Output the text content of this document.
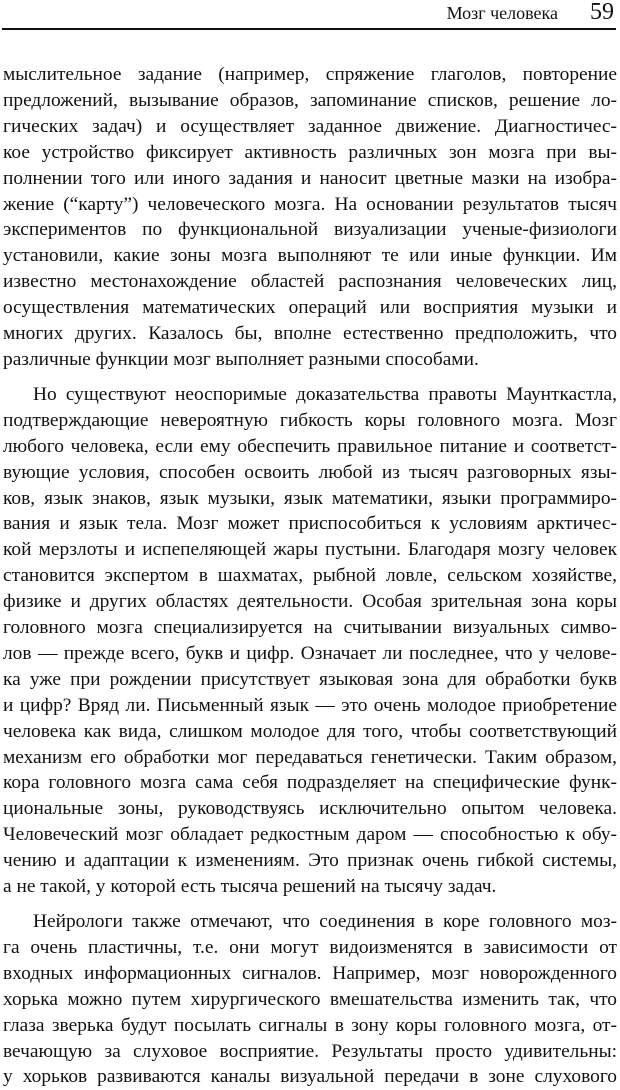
Мозг человека 59

мыслительное задание (например, спряжение глаголов, повторение
предложений, вызывание образов, запоминание списков, решение ло-
гических задач) и осуществляет заданное движение. Диагностичес-
кое устройство фиксирует активность различных зон мозга при вы-
полнении того или иного задания и наносит цветные мазки на изобра-
жение (“карту”) человеческого мозга. На основании результатов тысяч
экспериментов по функциональной визуализации ученые-физиологи
установили, какие зоны мозга выполняют те или иные функции. Им
известно местонахождение областей распознания человеческих лиц,
осуществления математических операций или восприятия музыки и
многих других. Казалось бы, вполне естественно предположить, что
различные функции мозг выполняет разными способами.

Но существуют неоспоримые доказательства правоты Маунткастла,
подтверждающие невероятную гибкость коры головного мозга. Мозг
любого человека, если ему обеспечить правильное питание и соответст-
вующие условия, способен освоить любой из тысяч разговорных язы-
ков, язык знаков, язык музыки, язык математики, языки программиро-
вания и язык тела. Мозг может приспособиться к условиям арктичес-
кой мерзлоты и испепеляющей жары пустыни. Благодаря мозгу человек
становится экспертом в шахматах, рыбной ловле, сельском хозяйстве,
физике и других областях деятельности. Особая зрительная зона коры
головного мозга специализируется на считывании визуальных симво-
лов — прежде всего, букв и цифр. Означает ли последнее, что у челове-
ка уже при рождении присутствует языковая зона для обработки букв
и цифр? Вряд ли. Письменный язык — это очень молодое приобретение
человека как вида, слишком молодое для того, чтобы соответствующий
механизм его обработки мог передаваться генетически. Таким образом,
кора головного мозга сама себя подразделяет на специфические функ-
циональные зоны, руководствуясь исключительно опытом человека.
Человеческий мозг обладает редкостным даром — способностью к обу-
чению и адаптации к изменениям. Это признак очень гибкой системы,
а не такой, у которой есть тысяча решений на тысячу задач.

Нейрологи также отмечают, что соединения в коре головного моз-
га очень пластичны, т.е. они могут видоизменятся в зависимости от
входных информационных сигналов. Например, мозг новорожденного
хорька можно путем хирургического вмешательства изменить так, что
глаза зверька будут посылать сигналы в зону коры головного мозга, от-
вечающую за слуховое восприятие. Результаты просто удивительны:
у хорьков развиваются каналы визуальной передачи в зоне слухового
